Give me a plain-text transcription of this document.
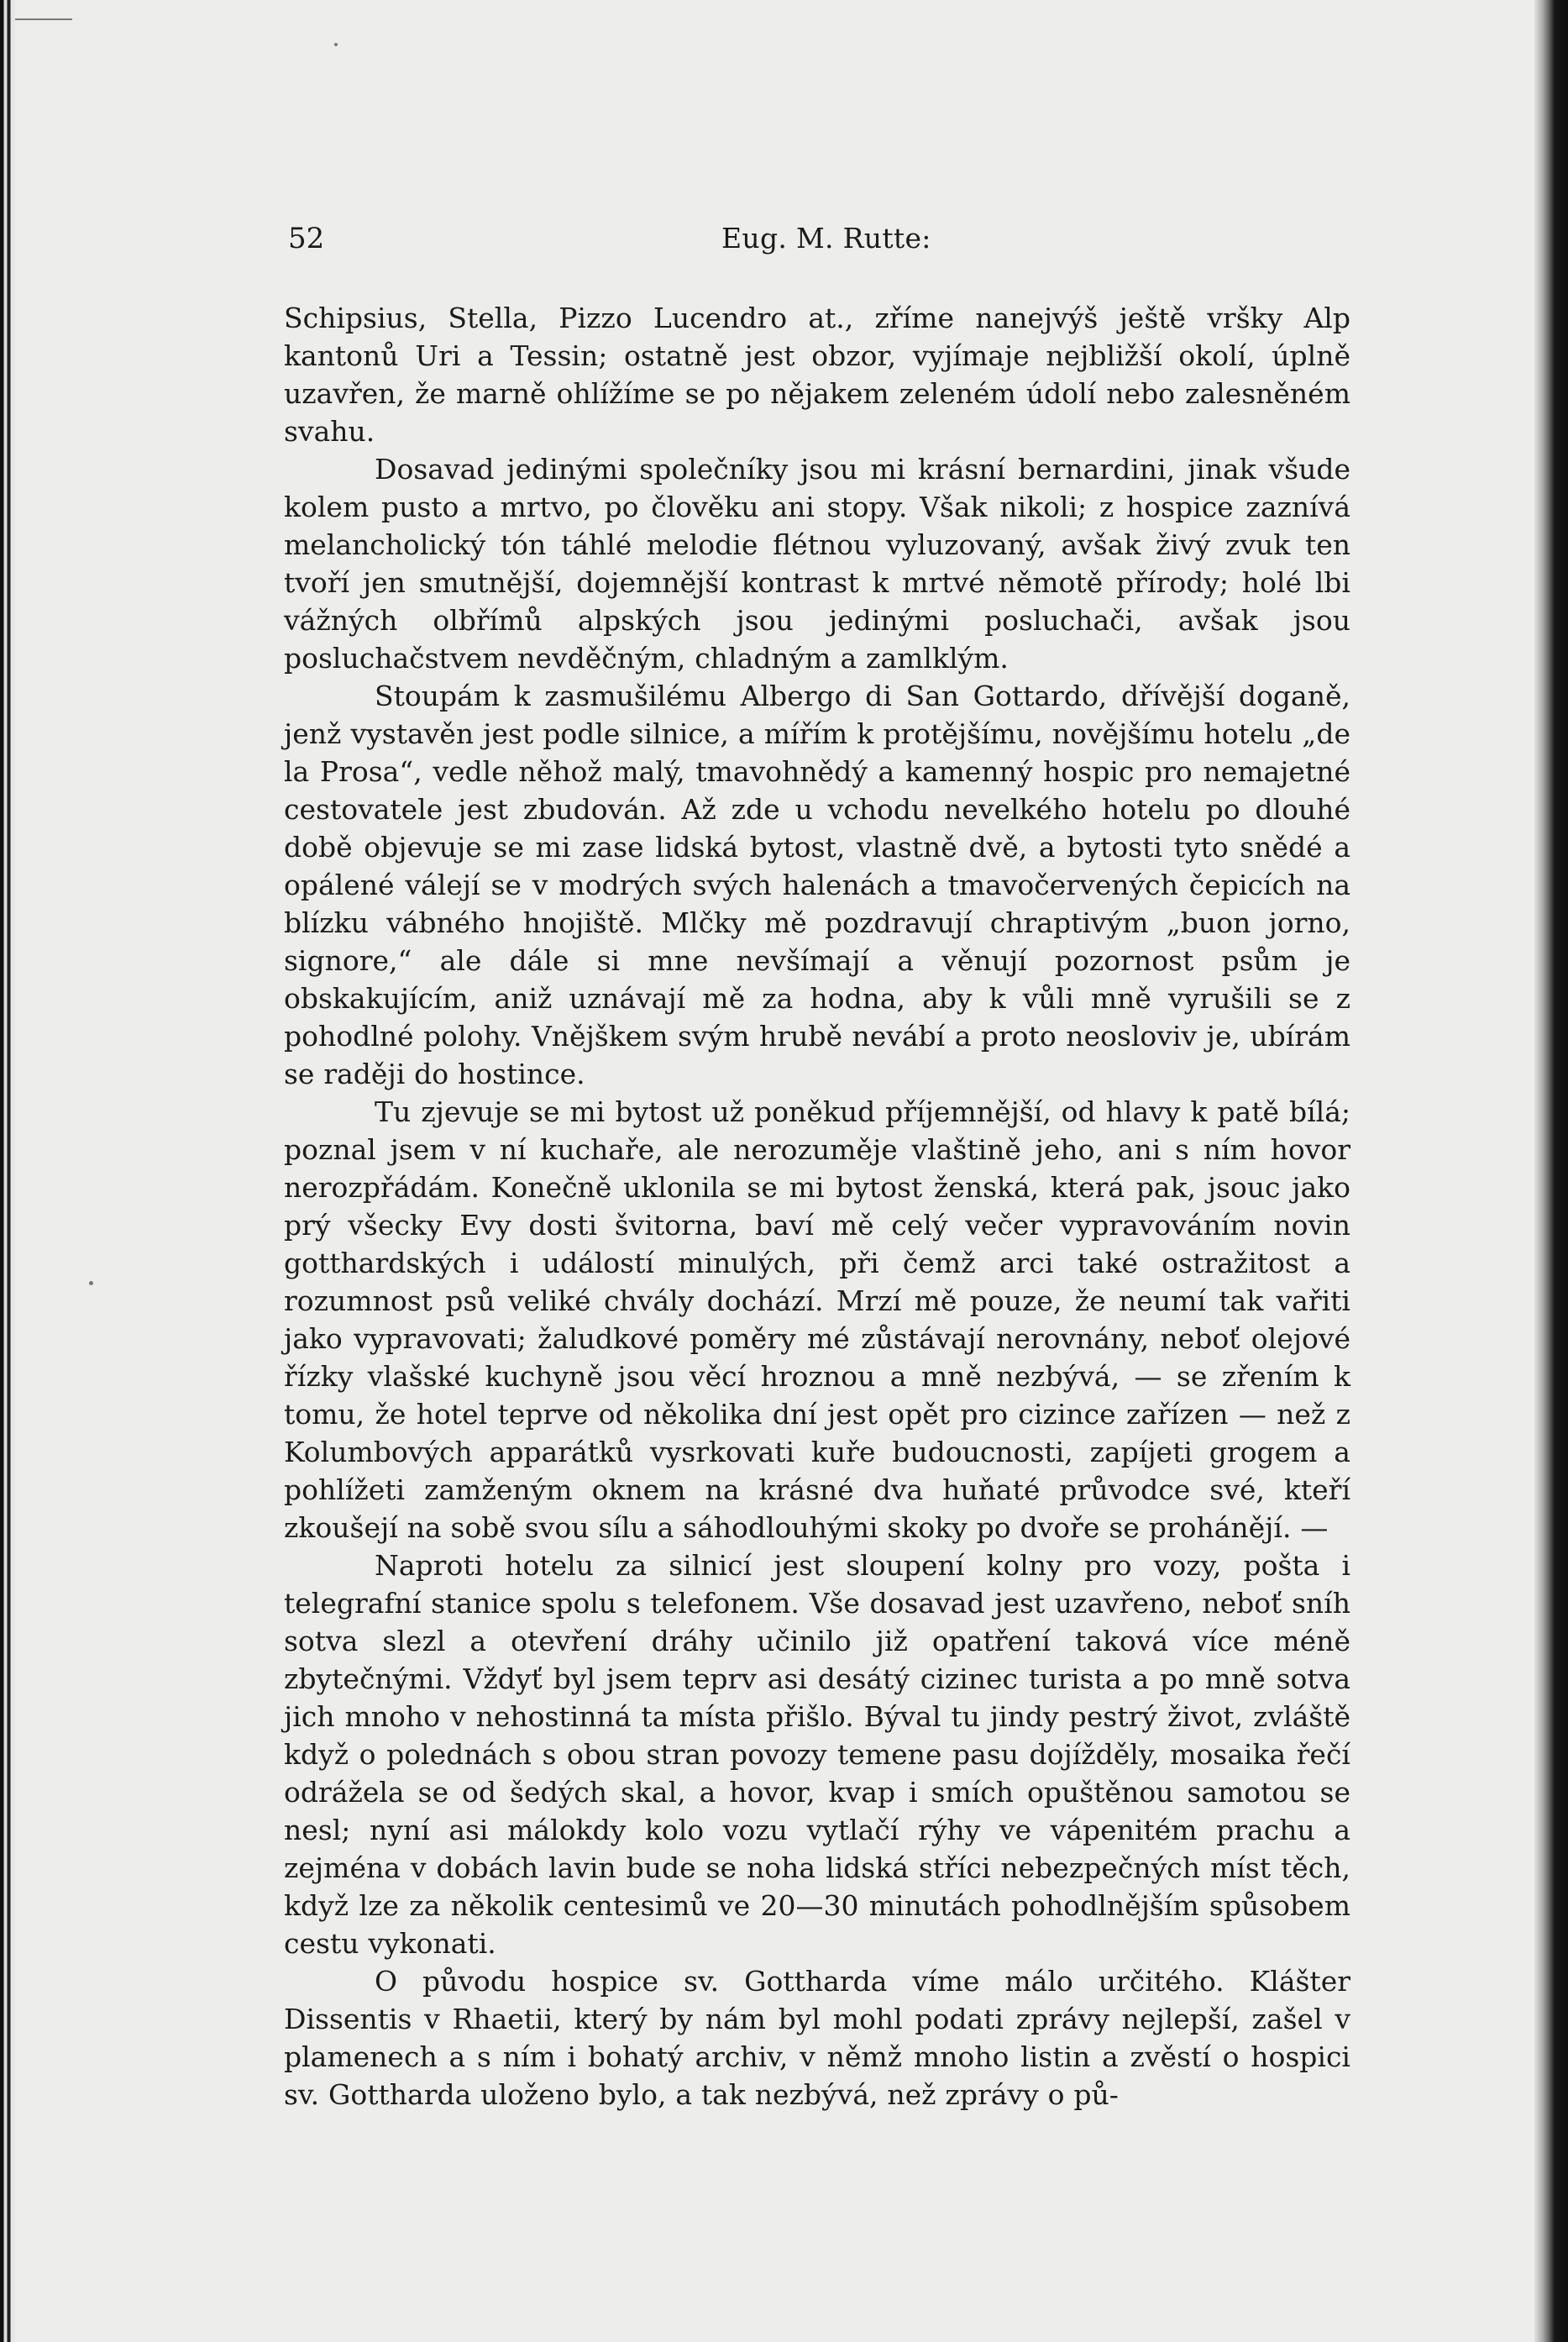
52	Eug. M. Rutte:

Schipsius, Stella, Pizzo Lucendro at., zříme nanejvýš ještě vršky Alp kantonů Uri a Tessin; ostatně jest obzor, vyjímaje nejbližší okolí, úplně uzavřen, že marně ohlížíme se po nějakem zeleném údolí nebo zalesněném svahu.

Dosavad jedinými společníky jsou mi krásní bernardini, jinak všude kolem pusto a mrtvo, po člověku ani stopy. Však nikoli; z hospice zaznívá melancholický tón táhlé melodie flétnou vyluzovaný, avšak živý zvuk ten tvoří jen smutnější, dojemnější kontrast k mrtvé němotě přírody; holé lbi vážných olbřímů alpských jsou jedinými posluchači, avšak jsou posluchačstvem nevděčným, chladným a zamlklým.

Stoupám k zasmušilému Albergo di San Gottardo, dřívější doganě, jenž vystavěn jest podle silnice, a mířím k protějšímu, novějšímu hotelu „de la Prosa“, vedle něhož malý, tmavohnědý a kamenný hospic pro nemajetné cestovatele jest zbudován. Až zde u vchodu nevelkého hotelu po dlouhé době objevuje se mi zase lidská bytost, vlastně dvě, a bytosti tyto snědé a opálené válejí se v modrých svých halenách a tmavočervených čepicích na blízku vábného hnojiště. Mlčky mě pozdravují chraptivým „buon jorno, signore,“ ale dále si mne nevšímají a věnují pozornost psům je obskakujícím, aniž uznávají mě za hodna, aby k vůli mně vyrušili se z pohodlné polohy. Vnějškem svým hrubě nevábí a proto neosloviv je, ubírám se raději do hostince.

Tu zjevuje se mi bytost už poněkud příjemnější, od hlavy k patě bílá; poznal jsem v ní kuchaře, ale nerozuměje vlaštině jeho, ani s ním hovor nerozpřádám. Konečně uklonila se mi bytost ženská, která pak, jsouc jako prý všecky Evy dosti švitorna, baví mě celý večer vypravováním novin gotthardských i událostí minulých, při čemž arci také ostražitost a rozumnost psů veliké chvály dochází. Mrzí mě pouze, že neumí tak vařiti jako vypravovati; žaludkové poměry mé zůstávají nerovnány, neboť olejové řízky vlašské kuchyně jsou věcí hroznou a mně nezbývá, — se zřením k tomu, že hotel teprve od několika dní jest opět pro cizince zařízen — než z Kolumbových apparátků vysrkovati kuře budoucnosti, zapíjeti grogem a pohlížeti zamženým oknem na krásné dva huňaté průvodce své, kteří zkoušejí na sobě svou sílu a sáhodlouhými skoky po dvoře se prohánějí. —

Naproti hotelu za silnicí jest sloupení kolny pro vozy, pošta i telegrafní stanice spolu s telefonem. Vše dosavad jest uzavřeno, neboť sníh sotva slezl a otevření dráhy učinilo již opatření taková více méně zbytečnými. Vždyť byl jsem teprv asi desátý cizinec turista a po mně sotva jich mnoho v nehostinná ta místa přišlo. Býval tu jindy pestrý život, zvláště když o polednách s obou stran povozy temene pasu dojížděly, mosaika řečí odrážela se od šedých skal, a hovor, kvap i smích opuštěnou samotou se nesl; nyní asi málokdy kolo vozu vytlačí rýhy ve vápenitém prachu a zejména v dobách lavin bude se noha lidská stříci nebezpečných míst těch, když lze za několik centesimů ve 20—30 minutách pohodlnějším spůsobem cestu vykonati.

O původu hospice sv. Gottharda víme málo určitého. Klášter Dissentis v Rhaetii, který by nám byl mohl podati zprávy nejlepší, zašel v plamenech a s ním i bohatý archiv, v němž mnoho listin a zvěstí o hospici sv. Gottharda uloženo bylo, a tak nezbývá, než zprávy o pů-
